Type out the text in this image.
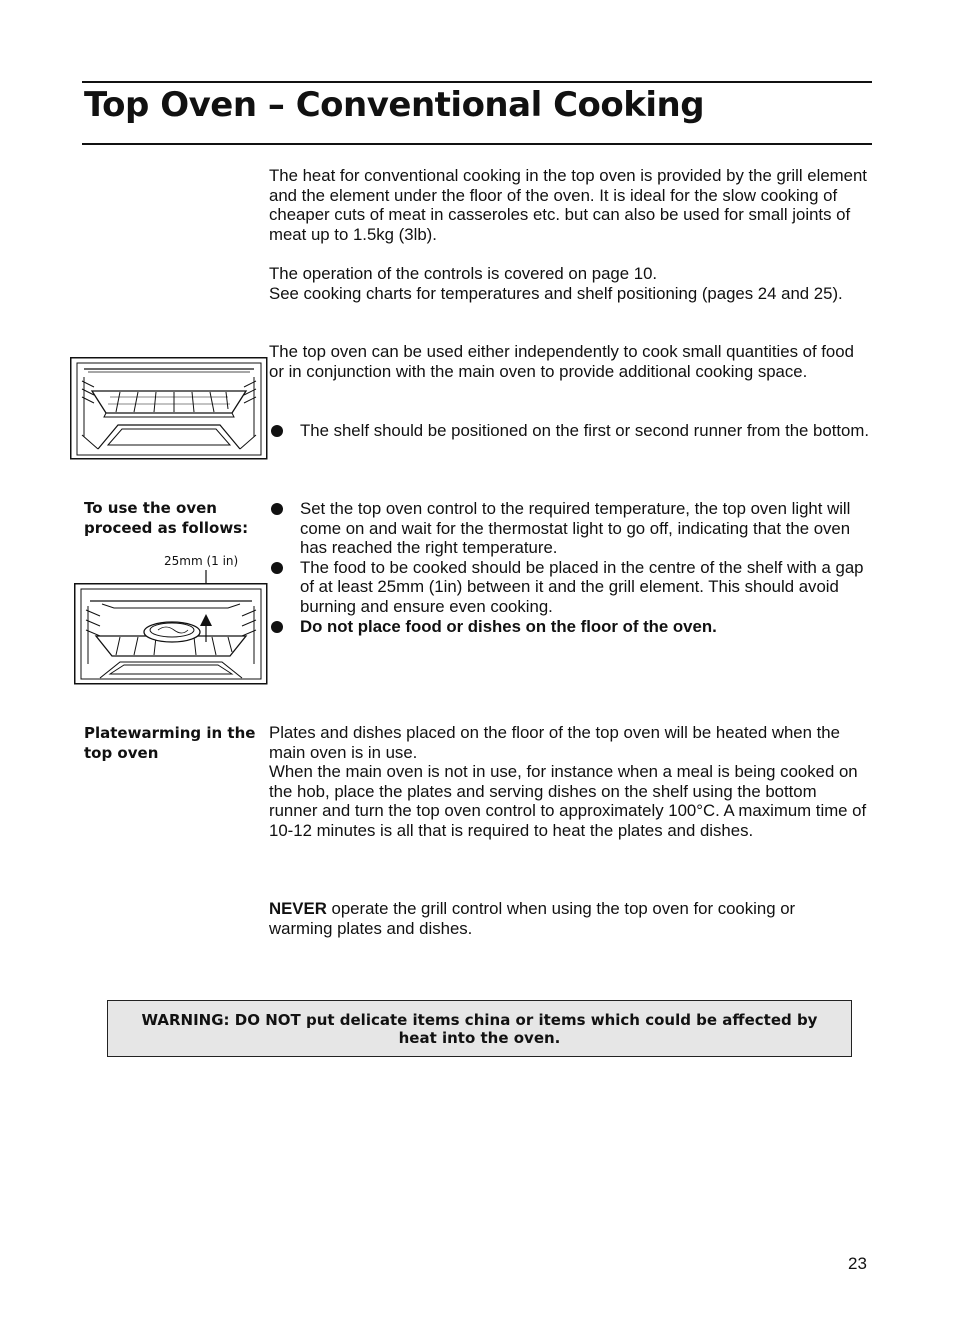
Top Oven – Conventional Cooking

The heat for conventional cooking in the top oven is provided by the grill element and the element under the floor of the oven. It is ideal for the slow cooking of cheaper cuts of meat in casseroles etc. but can also be used for small joints of meat up to 1.5kg (3lb).

The operation of the controls is covered on page 10.
See cooking charts for temperatures and shelf positioning (pages 24 and 25).

The top oven can be used either independently to cook small quantities of food or in conjunction with the main oven to provide additional cooking space.

The shelf should be positioned on the first or second runner from the bottom.
To use the oven proceed as follows:
Set the top oven control to the required temperature, the top oven light will come on and wait for the thermostat light to go off, indicating that the oven has reached the right temperature.
The food to be cooked should be placed in the centre of the shelf with a gap of at least 25mm (1in) between it and the grill element. This should avoid burning and ensure even cooking.
Do not place food or dishes on the floor of the oven.
25mm (1 in)
Platewarming in the top oven
Plates and dishes placed on the floor of the top oven will be heated when the main oven is in use.
When the main oven is not in use, for instance when a meal is being cooked on the hob, place the plates and serving dishes on the shelf using the bottom runner and turn the top oven control to approximately 100°C. A maximum time of 10-12 minutes is all that is required to heat the plates and dishes.

NEVER operate the grill control when using the top oven for cooking or warming plates and dishes.

WARNING: DO NOT put delicate items china or items which could be affected by heat into the oven.
23
